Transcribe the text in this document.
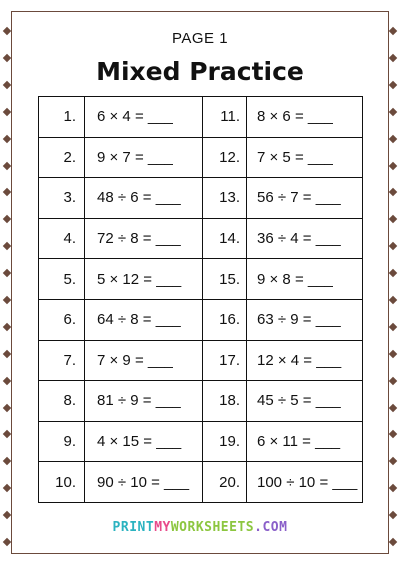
PAGE 1
Mixed Practice
1.	6 × 4 = ___	11.	8 × 6 = ___
2.	9 × 7 = ___	12.	7 × 5 = ___
3.	48 ÷ 6 = ___	13.	56 ÷ 7 = ___
4.	72 ÷ 8 = ___	14.	36 ÷ 4 = ___
5.	5 × 12 = ___	15.	9 × 8 = ___
6.	64 ÷ 8 = ___	16.	63 ÷ 9 = ___
7.	7 × 9 = ___	17.	12 × 4 = ___
8.	81 ÷ 9 = ___	18.	45 ÷ 5 = ___
9.	4 × 15 = ___	19.	6 × 11 = ___
10.	90 ÷ 10 = ___	20.	100 ÷ 10 = ___
PRINTMYWORKSHEETS.COM
